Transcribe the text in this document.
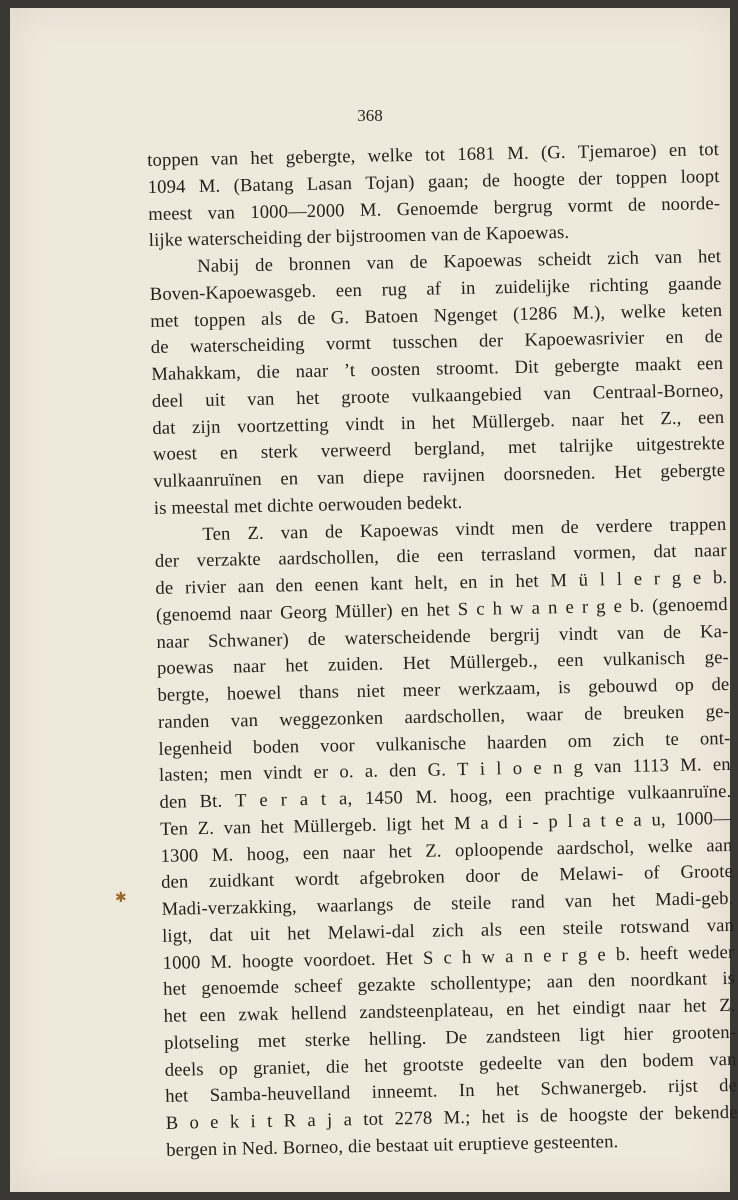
368
toppen van het gebergte, welke tot 1681 M. (G. Tjemaroe) en tot
1094 M. (Batang Lasan Tojan) gaan; de hoogte der toppen loopt
meest van 1000—2000 M. Genoemde bergrug vormt de noorde-
lijke waterscheiding der bijstroomen van de Kapoewas.
Nabij de bronnen van de Kapoewas scheidt zich van het
Boven-Kapoewasgeb. een rug af in zuidelijke richting gaande
met toppen als de G. Batoen Ngenget (1286 M.), welke keten
de waterscheiding vormt tusschen der Kapoewasrivier en de
Mahakkam, die naar ’t oosten stroomt. Dit gebergte maakt een
deel uit van het groote vulkaangebied van Centraal-Borneo,
dat zijn voortzetting vindt in het Müllergeb. naar het Z., een
woest en sterk verweerd bergland, met talrijke uitgestrekte
vulkaanruïnen en van diepe ravijnen doorsneden. Het gebergte
is meestal met dichte oerwouden bedekt.
Ten Z. van de Kapoewas vindt men de verdere trappen
der verzakte aardschollen, die een terrasland vormen, dat naar
de rivier aan den eenen kant helt, en in het M ü l l e r g e b.
(genoemd naar Georg Müller) en het S c h w a n e r g e b. (genoemd
naar Schwaner) de waterscheidende bergrij vindt van de Ka-
poewas naar het zuiden. Het Müllergeb., een vulkanisch ge-
bergte, hoewel thans niet meer werkzaam, is gebouwd op de
randen van weggezonken aardschollen, waar de breuken ge-
legenheid boden voor vulkanische haarden om zich te ont-
lasten; men vindt er o. a. den G. T i l o e n g van 1113 M. en
den Bt. T e r a t a, 1450 M. hoog, een prachtige vulkaanruïne.
Ten Z. van het Müllergeb. ligt het M a d i - p l a t e a u, 1000—
1300 M. hoog, een naar het Z. oploopende aardschol, welke aan
den zuidkant wordt afgebroken door de Melawi- of Groote
Madi-verzakking, waarlangs de steile rand van het Madi-geb.
ligt, dat uit het Melawi-dal zich als een steile rotswand van
1000 M. hoogte voordoet. Het S c h w a n e r g e b. heeft weder
het genoemde scheef gezakte schollentype; aan den noordkant is
het een zwak hellend zandsteenplateau, en het eindigt naar het Z.
plotseling met sterke helling. De zandsteen ligt hier grooten-
deels op graniet, die het grootste gedeelte van den bodem van
het Samba-heuvelland inneemt. In het Schwanergeb. rijst de
B o e k i t R a j a tot 2278 M.; het is de hoogste der bekende
bergen in Ned. Borneo, die bestaat uit eruptieve gesteenten.
✱
